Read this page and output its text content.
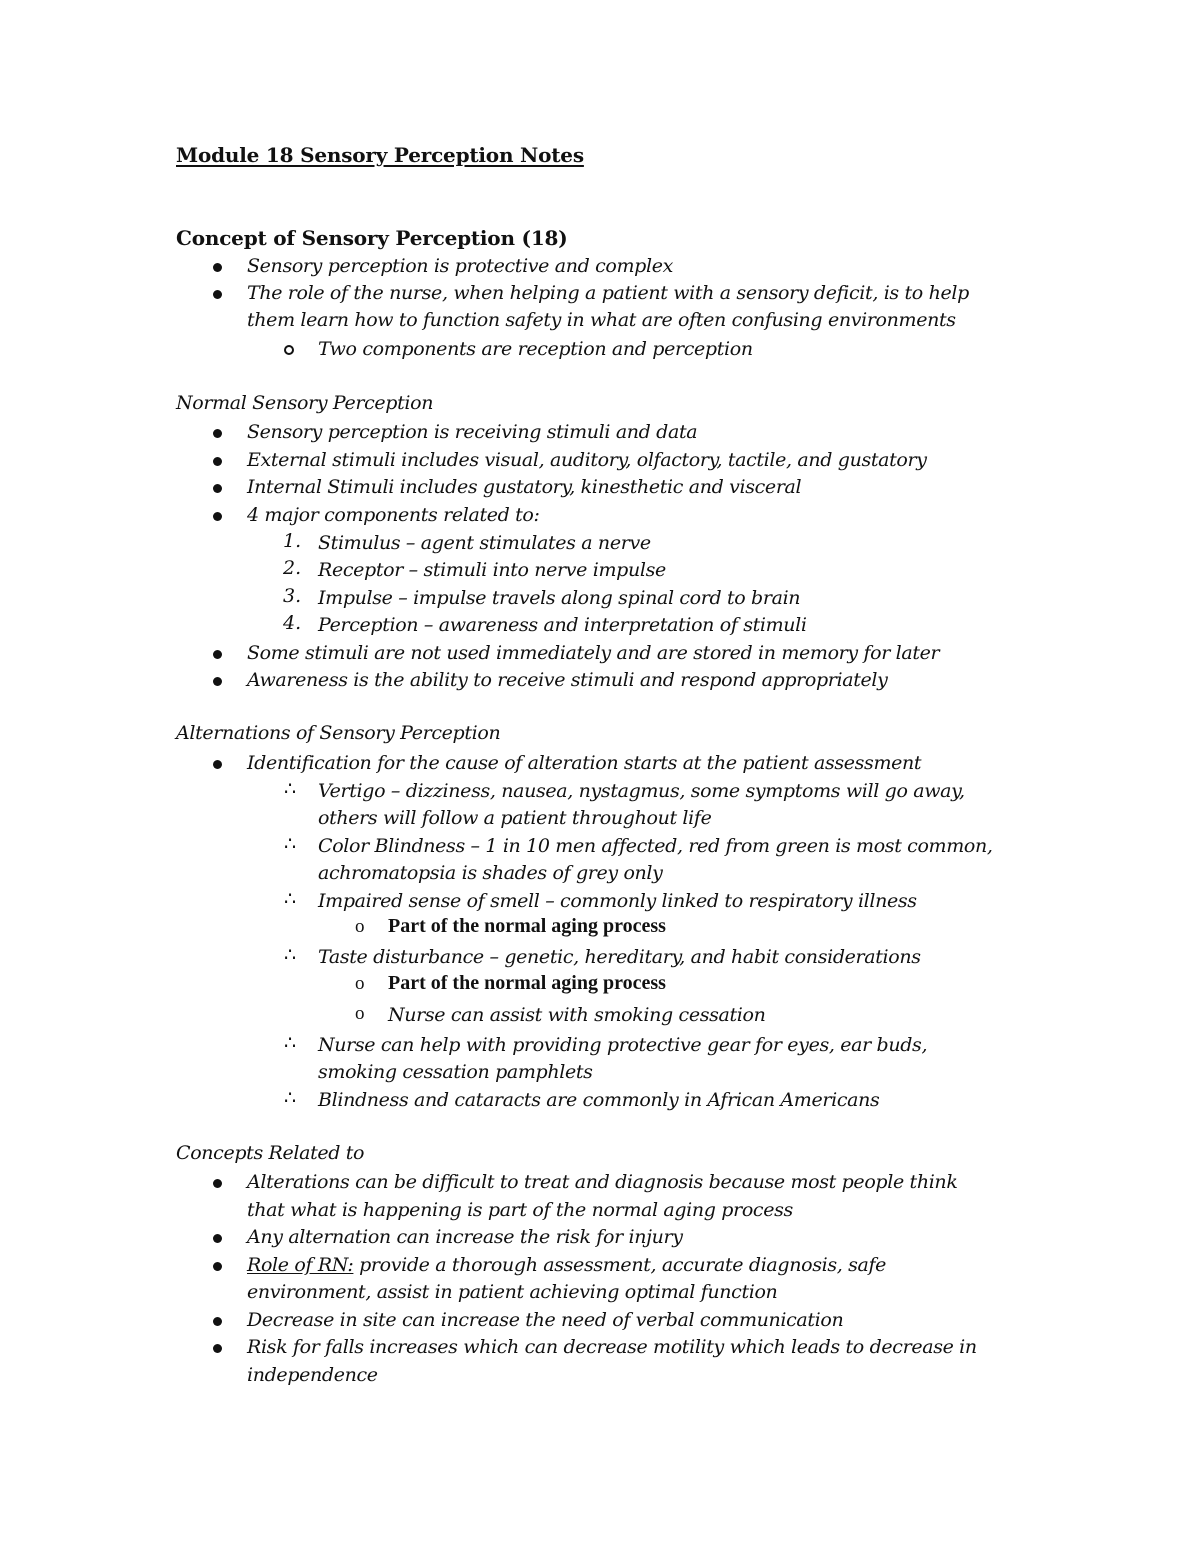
Module 18 Sensory Perception Notes
Concept of Sensory Perception (18)
Sensory perception is protective and complex
The role of the nurse, when helping a patient with a sensory deficit, is to help
them learn how to function safety in what are often confusing environments
Two components are reception and perception
Normal Sensory Perception
Sensory perception is receiving stimuli and data
External stimuli includes visual, auditory, olfactory, tactile, and gustatory
Internal Stimuli includes gustatory, kinesthetic and visceral
4 major components related to:
1. Stimulus – agent stimulates a nerve
2. Receptor – stimuli into nerve impulse
3. Impulse – impulse travels along spinal cord to brain
4. Perception – awareness and interpretation of stimuli
Some stimuli are not used immediately and are stored in memory for later
Awareness is the ability to receive stimuli and respond appropriately
Alternations of Sensory Perception
Identification for the cause of alteration starts at the patient assessment
∴ Vertigo – dizziness, nausea, nystagmus, some symptoms will go away,
others will follow a patient throughout life
∴ Color Blindness – 1 in 10 men affected, red from green is most common,
achromatopsia is shades of grey only
∴ Impaired sense of smell – commonly linked to respiratory illness
o Part of the normal aging process
∴ Taste disturbance – genetic, hereditary, and habit considerations
o Part of the normal aging process
o Nurse can assist with smoking cessation
∴ Nurse can help with providing protective gear for eyes, ear buds,
smoking cessation pamphlets
∴ Blindness and cataracts are commonly in African Americans
Concepts Related to
Alterations can be difficult to treat and diagnosis because most people think
that what is happening is part of the normal aging process
Any alternation can increase the risk for injury
Role of RN: provide a thorough assessment, accurate diagnosis, safe
environment, assist in patient achieving optimal function
Decrease in site can increase the need of verbal communication
Risk for falls increases which can decrease motility which leads to decrease in
independence
